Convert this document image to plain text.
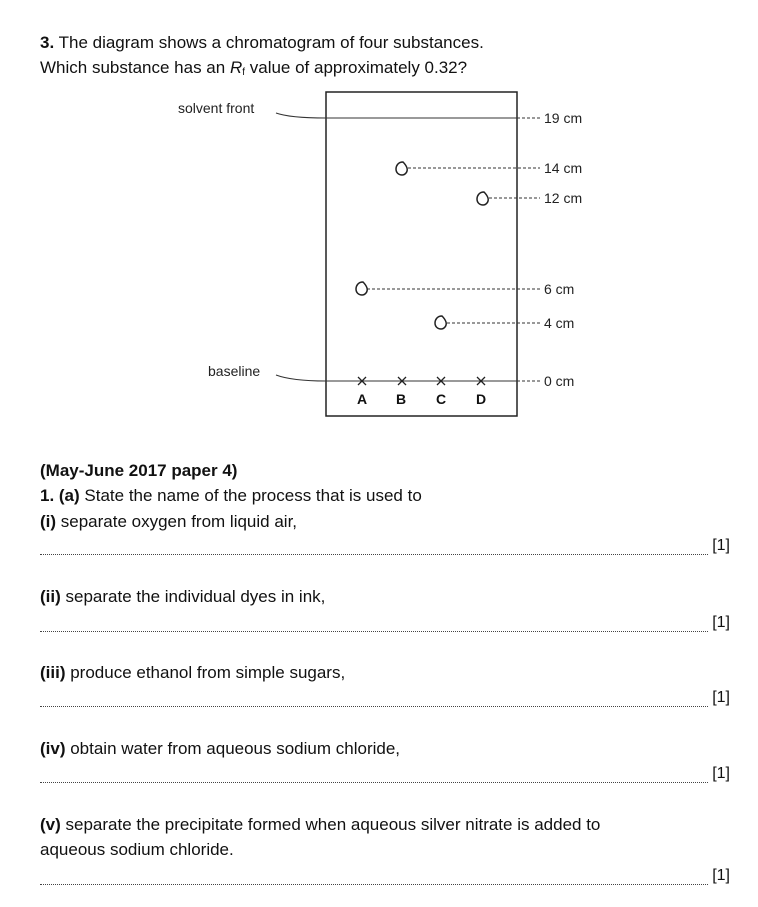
3. The diagram shows a chromatogram of four substances.
Which substance has an Rf value of approximately 0.32?
solvent front
baseline
19 cm
14 cm
12 cm
6 cm
4 cm
0 cm
A B C D
(May-June 2017 paper 4)
1. (a) State the name of the process that is used to
(i) separate oxygen from liquid air,
[1]
(ii) separate the individual dyes in ink,
[1]
(iii) produce ethanol from simple sugars,
[1]
(iv) obtain water from aqueous sodium chloride,
[1]
(v) separate the precipitate formed when aqueous silver nitrate is added to
aqueous sodium chloride.
[1]
